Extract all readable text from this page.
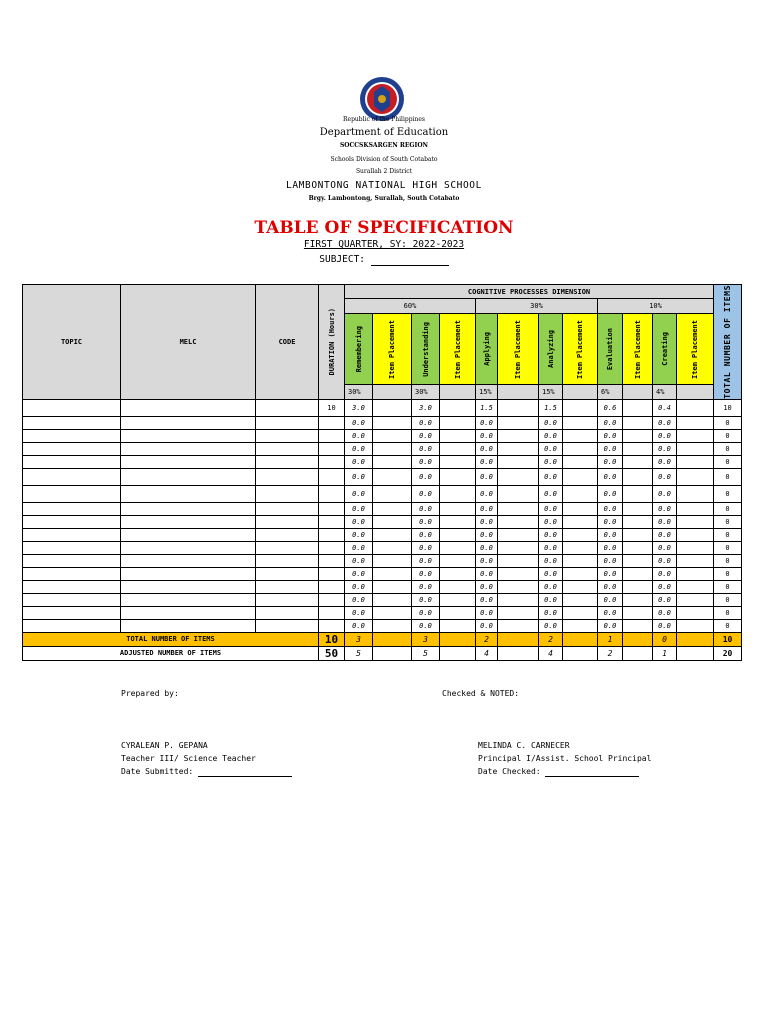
Republic of the Philippines
Department of Education
SOCCSKSARGEN REGION
Schools Division of South Cotabato
Surallah 2 District
LAMBONTONG NATIONAL HIGH SCHOOL
Brgy. Lambontong, Surallah, South Cotabato
TABLE OF SPECIFICATION
FIRST QUARTER, SY: 2022-2023
SUBJECT:
TOPIC	MELC	CODE	DURATION (Hours)	COGNITIVE PROCESSES DIMENSION												TOTAL NUMBER OF ITEMS

				60%				30%				10%				

				Remembering	Item Placement	Understanding	Item Placement	Applying	Item Placement	Analyzing	Item Placement	Evaluation	Item Placement	Creating	Item Placement	

				30%		30%		15%		15%		6%		4%		
			10	3.0		3.0		1.5		1.5		0.6		0.4		10
				0.0		0.0		0.0		0.0		0.0		0.0		0
				0.0		0.0		0.0		0.0		0.0		0.0		0
				0.0		0.0		0.0		0.0		0.0		0.0		0
				0.0		0.0		0.0		0.0		0.0		0.0		0
				0.0		0.0		0.0		0.0		0.0		0.0		0
				0.0		0.0		0.0		0.0		0.0		0.0		0
				0.0		0.0		0.0		0.0		0.0		0.0		0
				0.0		0.0		0.0		0.0		0.0		0.0		0
				0.0		0.0		0.0		0.0		0.0		0.0		0
				0.0		0.0		0.0		0.0		0.0		0.0		0
				0.0		0.0		0.0		0.0		0.0		0.0		0
				0.0		0.0		0.0		0.0		0.0		0.0		0
				0.0		0.0		0.0		0.0		0.0		0.0		0
				0.0		0.0		0.0		0.0		0.0		0.0		0
				0.0		0.0		0.0		0.0		0.0		0.0		0
				0.0		0.0		0.0		0.0		0.0		0.0		0
TOTAL NUMBER OF ITEMS			10	3		3		2		2		1		0		10
ADJUSTED NUMBER OF ITEMS			50	5		5		4		4		2		1		20
Prepared by:	Checked & NOTED:
CYRALEAN P. GEPANA
Teacher III/ Science Teacher
Date Submitted:
MELINDA C. CARNECER
Principal I/Assist. School Principal
Date Checked:
